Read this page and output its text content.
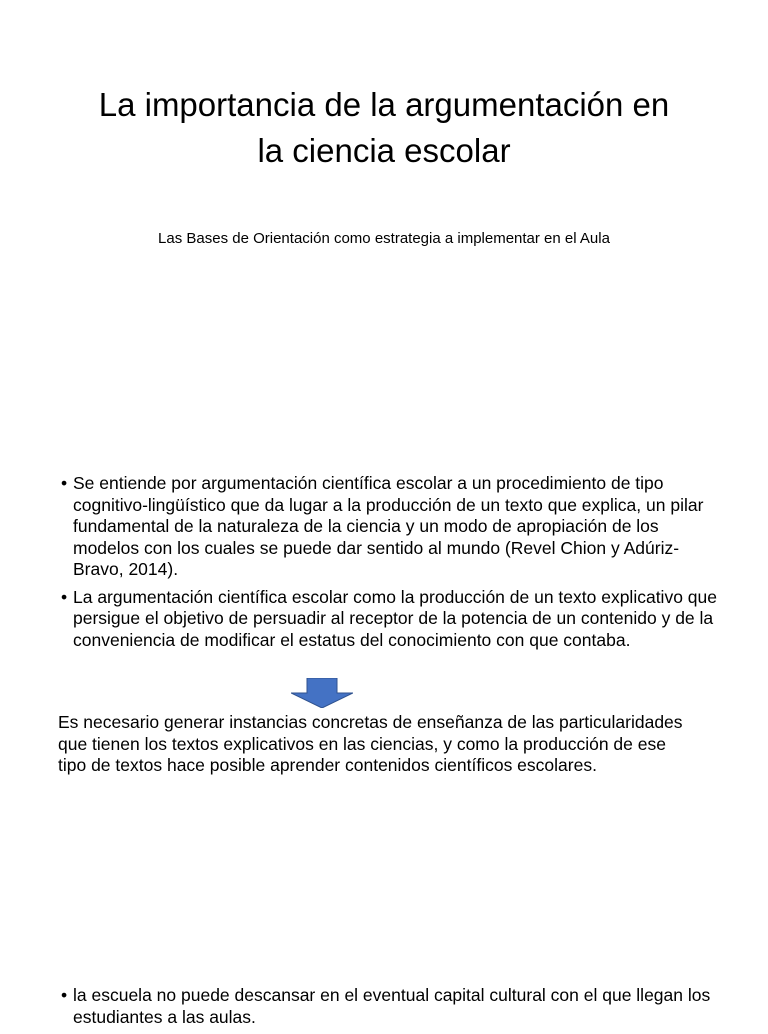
La importancia de la argumentación en la ciencia escolar

Las Bases de Orientación como estrategia a implementar en el Aula

• Se entiende por argumentación científica escolar a un procedimiento de tipo cognitivo-lingüístico que da lugar a la producción de un texto que explica, un pilar fundamental de la naturaleza de la ciencia y un modo de apropiación de los modelos con los cuales se puede dar sentido al mundo (Revel Chion y Adúriz- Bravo, 2014).
• La argumentación científica escolar como la producción de un texto explicativo que persigue el objetivo de persuadir al receptor de la potencia de un contenido y de la conveniencia de modificar el estatus del conocimiento con que contaba.

Es necesario generar instancias concretas de enseñanza de las particularidades que tienen los textos explicativos en las ciencias, y como la producción de ese tipo de textos hace posible aprender contenidos científicos escolares.

• la escuela no puede descansar en el eventual capital cultural con el que llegan los estudiantes a las aulas.
